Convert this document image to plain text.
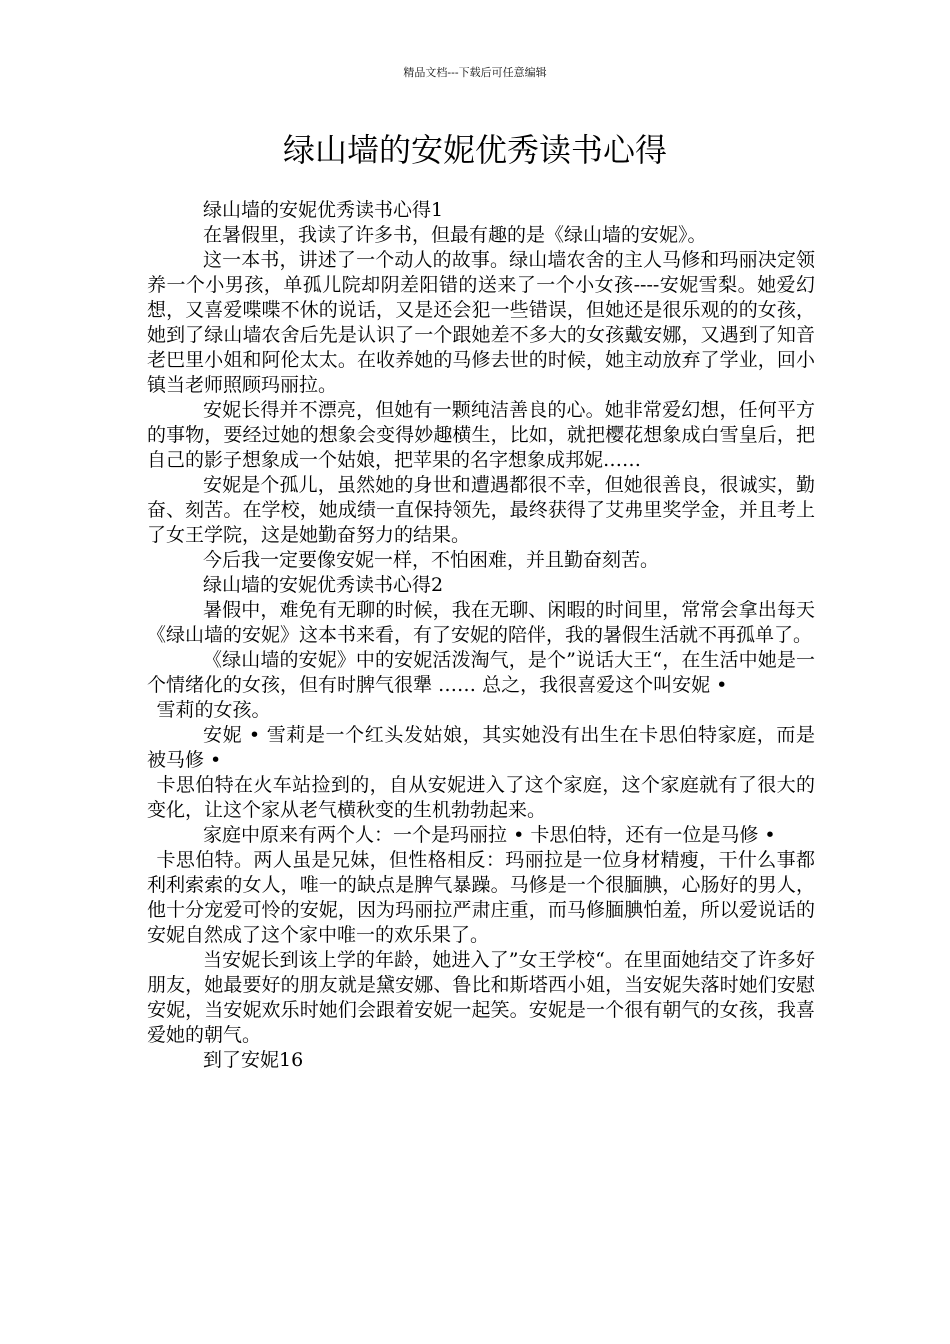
精品文档---下载后可任意编辑
绿山墙的安妮优秀读书心得

绿山墙的安妮优秀读书心得1

在暑假里，我读了许多书，但最有趣的是《绿山墙的安妮》。

这一本书，讲述了一个动人的故事。绿山墙农舍的主人马修和玛丽决定领养一个小男孩，单孤儿院却阴差阳错的送来了一个小女孩----安妮雪梨。她爱幻想，又喜爱喋喋不休的说话，又是还会犯一些错误，但她还是很乐观的的女孩，她到了绿山墙农舍后先是认识了一个跟她差不多大的女孩戴安娜，又遇到了知音老巴里小姐和阿伦太太。在收养她的马修去世的时候，她主动放弃了学业，回小镇当老师照顾玛丽拉。

安妮长得并不漂亮，但她有一颗纯洁善良的心。她非常爱幻想，任何平方的事物，要经过她的想象会变得妙趣横生，比如，就把樱花想象成白雪皇后，把自己的影子想象成一个姑娘，把苹果的名字想象成邦妮……

安妮是个孤儿，虽然她的身世和遭遇都很不幸，但她很善良，很诚实，勤奋、刻苦。在学校，她成绩一直保持领先，最终获得了艾弗里奖学金，并且考上了女王学院，这是她勤奋努力的结果。

今后我一定要像安妮一样，不怕困难，并且勤奋刻苦。

绿山墙的安妮优秀读书心得2

暑假中，难免有无聊的时候，我在无聊、闲暇的时间里，常常会拿出每天《绿山墙的安妮》这本书来看，有了安妮的陪伴，我的暑假生活就不再孤单了。

《绿山墙的安妮》中的安妮活泼淘气，是个”说话大王“，在生活中她是一个情绪化的女孩，但有时脾气很犟 …… 总之，我很喜爱这个叫安妮 •

雪莉的女孩。

安妮 • 雪莉是一个红头发姑娘，其实她没有出生在卡思伯特家庭，而是被马修 •

卡思伯特在火车站捡到的，自从安妮进入了这个家庭，这个家庭就有了很大的变化，让这个家从老气横秋变的生机勃勃起来。

家庭中原来有两个人：一个是玛丽拉 • 卡思伯特，还有一位是马修 •

卡思伯特。两人虽是兄妹，但性格相反：玛丽拉是一位身材精瘦，干什么事都利利索索的女人，唯一的缺点是脾气暴躁。马修是一个很腼腆，心肠好的男人，他十分宠爱可怜的安妮，因为玛丽拉严肃庄重，而马修腼腆怕羞，所以爱说话的安妮自然成了这个家中唯一的欢乐果了。

当安妮长到该上学的年龄，她进入了”女王学校“。在里面她结交了许多好朋友，她最要好的朋友就是黛安娜、鲁比和斯塔西小姐，当安妮失落时她们安慰安妮，当安妮欢乐时她们会跟着安妮一起笑。安妮是一个很有朝气的女孩，我喜爱她的朝气。

到了安妮16
